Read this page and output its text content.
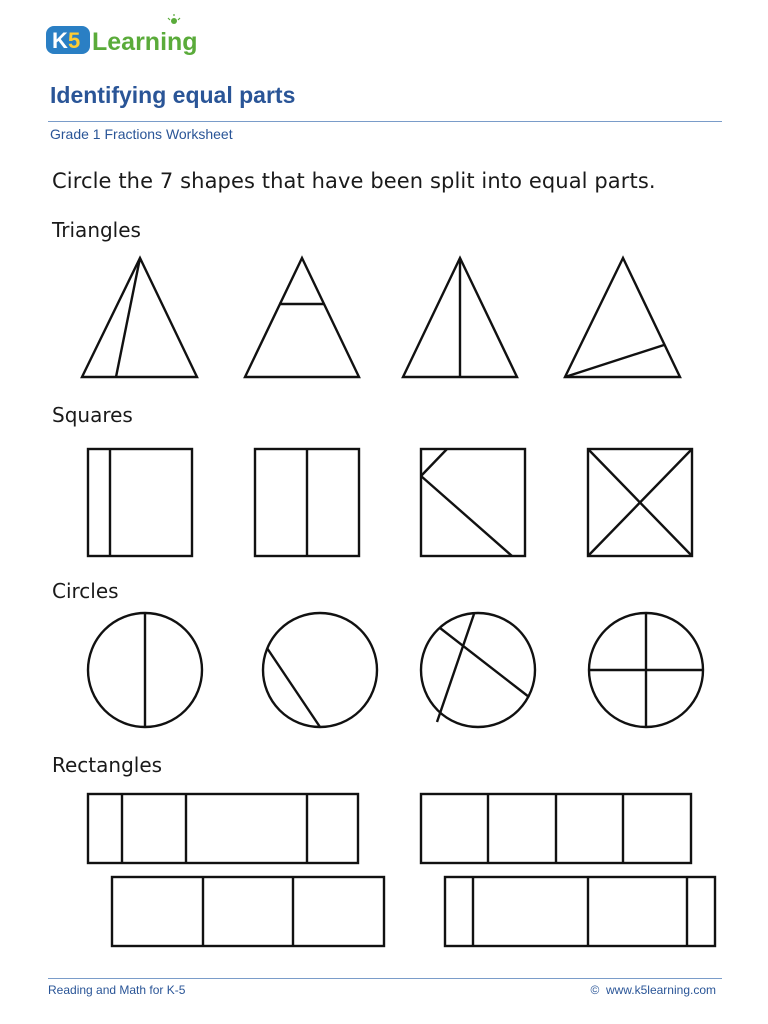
K 5 Learning
Identifying equal parts
Grade 1 Fractions Worksheet
Circle the 7 shapes that have been split into equal parts.
Triangles
Squares
Circles
Rectangles
Reading and Math for K-5	© www.k5learning.com
